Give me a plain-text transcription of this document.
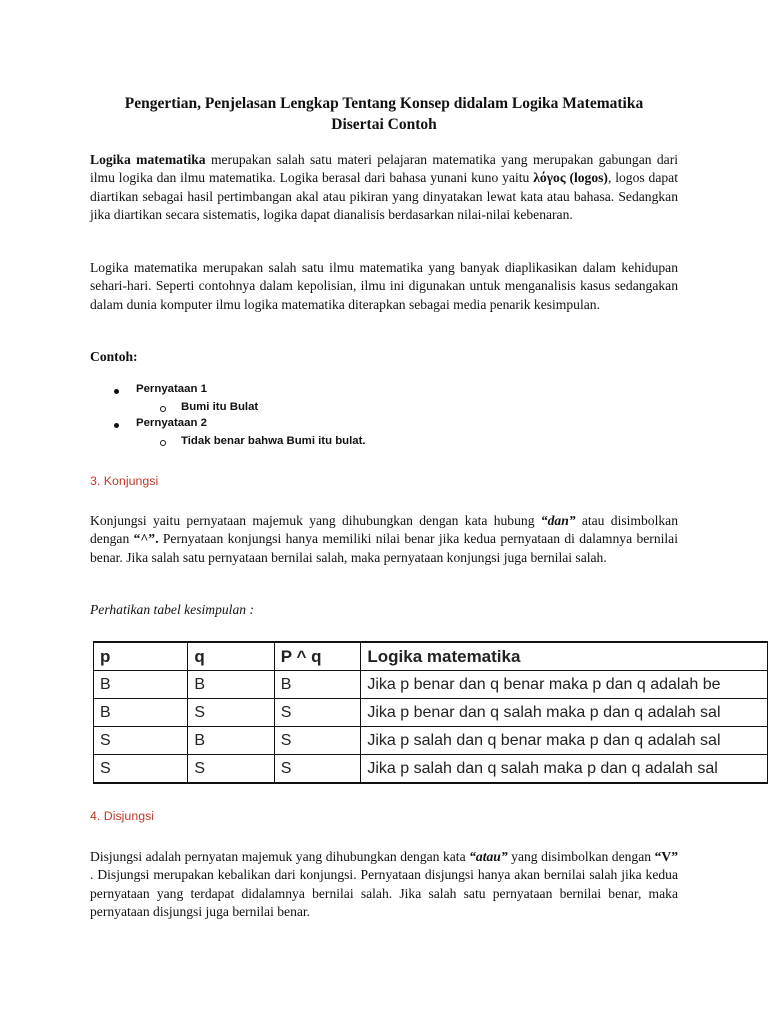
Pengertian, Penjelasan Lengkap Tentang Konsep didalam Logika Matematika
Disertai Contoh
Logika matematika merupakan salah satu materi pelajaran matematika yang merupakan gabungan dari ilmu logika dan ilmu matematika. Logika berasal dari bahasa yunani kuno yaitu λόγος (logos), logos dapat diartikan sebagai hasil pertimbangan akal atau pikiran yang dinyatakan lewat kata atau bahasa. Sedangkan jika diartikan secara sistematis, logika dapat dianalisis berdasarkan nilai-nilai kebenaran.
Logika matematika merupakan salah satu ilmu matematika yang banyak diaplikasikan dalam kehidupan sehari-hari. Seperti contohnya dalam kepolisian, ilmu ini digunakan untuk menganalisis kasus sedangakan dalam dunia komputer ilmu logika matematika diterapkan sebagai media penarik kesimpulan.
Contoh:
Pernyataan 1
Bumi itu Bulat
Pernyataan 2
Tidak benar bahwa Bumi itu bulat.
3. Konjungsi
Konjungsi yaitu pernyataan majemuk yang dihubungkan dengan kata hubung “dan” atau disimbolkan dengan “^”. Pernyataan konjungsi hanya memiliki nilai benar jika kedua pernyataan di dalamnya bernilai benar. Jika salah satu pernyataan bernilai salah, maka pernyataan konjungsi juga bernilai salah.
Perhatikan tabel kesimpulan :
p	q	P ^ q	Logika matematika
B	B	B	Jika p benar dan q benar maka p dan q adalah be
B	S	S	Jika p benar dan q salah maka p dan q adalah sal
S	B	S	Jika p salah dan q benar maka p dan q adalah sal
S	S	S	Jika p salah dan q salah maka p dan q adalah sal
4. Disjungsi
Disjungsi adalah pernyatan majemuk yang dihubungkan dengan kata “atau” yang disimbolkan dengan “V” . Disjungsi merupakan kebalikan dari konjungsi. Pernyataan disjungsi hanya akan bernilai salah jika kedua pernyataan yang terdapat didalamnya bernilai salah. Jika salah satu pernyataan bernilai benar, maka pernyataan disjungsi juga bernilai benar.
